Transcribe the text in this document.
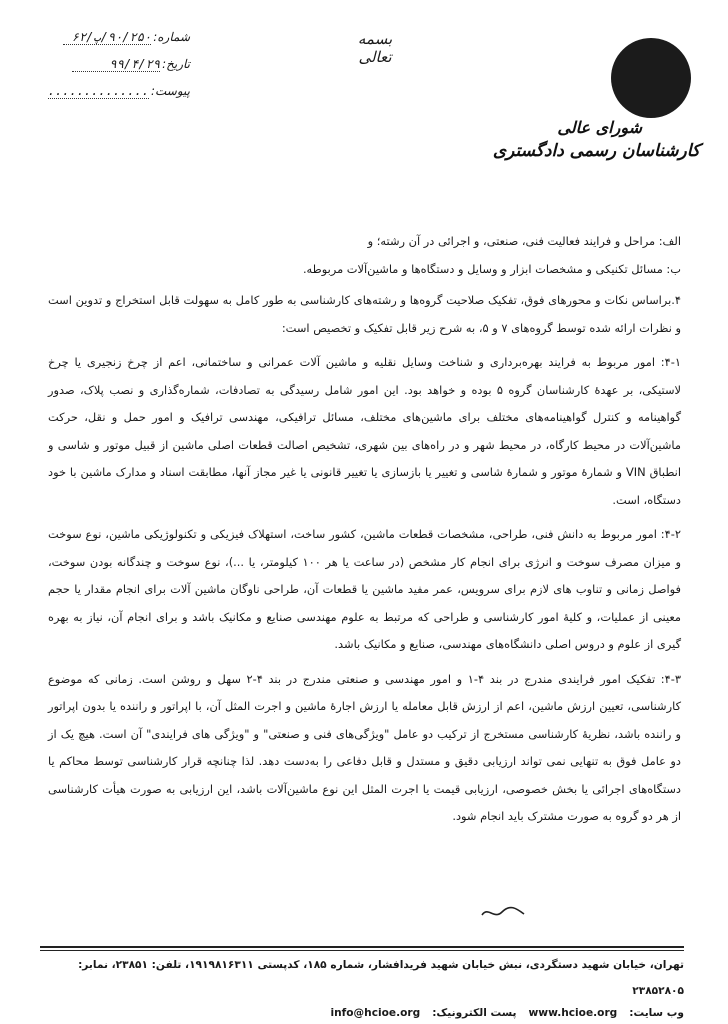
شماره:
۹۰/۲۵۰/پ/۶۲
تاریخ:
۹۹/۴/۲۹
پیوست:
..............
بسمه تعالی
شورای عالی
کارشناسان رسمی دادگستری

الف: مراحل و فرایند فعالیت فنی، صنعتی، و اجرائی در آن رشته؛ و

ب: مسائل تکنیکی و مشخصات ابزار و وسایل و دستگاه‌ها و ماشین‌آلات مربوطه.

۴.براساس نکات و محورهای فوق، تفکیک صلاحیت گروه‌ها و رشته‌های کارشناسی به طور کامل به سهولت قابل استخراج و تدوین است و نظرات ارائه شده توسط گروه‌های ۷ و ۵، به شرح زیر قابل تفکیک و تخصیص است:

۴-۱: امور مربوط به فرایند بهره‌برداری و شناخت وسایل نقلیه و ماشین آلات عمرانی و ساختمانی، اعم از چرخ زنجیری یا چرخ لاستیکی، بر عهدهٔ کارشناسان گروه ۵ بوده و خواهد بود. این امور شامل رسیدگی به تصادفات، شماره‌گذاری و نصب پلاک، صدور گواهینامه و کنترل گواهینامه‌های مختلف برای ماشین‌های مختلف، مسائل ترافیکی، مهندسی ترافیک و امور حمل و نقل، حرکت ماشین‌آلات در محیط کارگاه، در محیط شهر و در راه‌های بین شهری، تشخیص اصالت قطعات اصلی ماشین از قبیل موتور و شاسی و انطباق VIN و شمارهٔ موتور و شمارهٔ شاسی و تغییر یا بازسازی یا تغییر قانونی یا غیر مجاز آنها، مطابقت اسناد و مدارک ماشین با خود دستگاه، است.

۴-۲: امور مربوط به دانش فنی، طراحی، مشخصات قطعات ماشین، کشور ساخت، استهلاک فیزیکی و تکنولوژیکی ماشین، نوع سوخت و میزان مصرف سوخت و انرژی برای انجام کار مشخص (در ساعت یا هر ۱۰۰ کیلومتر، یا ...)، نوع سوخت و چندگانه بودن سوخت، فواصل زمانی و تناوب های لازم برای سرویس، عمر مفید ماشین یا قطعات آن، طراحی ناوگان ماشین آلات برای انجام مقدار یا حجم معینی از عملیات، و کلیهٔ امور کارشناسی و طراحی که مرتبط به علوم مهندسی صنایع و مکانیک باشد و برای انجام آن، نیاز به بهره گیری از علوم و دروس اصلی دانشگاه‌های مهندسی، صنایع و مکانیک باشد.

۴-۳: تفکیک امور فرایندی مندرج در بند ۴-۱ و امور مهندسی و صنعتی مندرج در بند ۴-۲ سهل و روشن است. زمانی که موضوع کارشناسی، تعیین ارزش ماشین، اعم از ارزش قابل معامله یا ارزش اجارهٔ ماشین و اجرت المثل آن، با اپراتور و راننده یا بدون اپراتور و راننده باشد، نظریهٔ کارشناسی مستخرج از ترکیب دو عامل "ویژگی‌های فنی و صنعتی" و "ویژگی های فرایندی" آن است. هیچ یک از دو عامل فوق به تنهایی نمی تواند ارزیابی دقیق و مستدل و قابل دفاعی را به‌دست دهد. لذا چنانچه قرار کارشناسی توسط محاکم یا دستگاه‌های اجرائی یا بخش خصوصی، ارزیابی قیمت یا اجرت المثل این نوع ماشین‌آلات باشد، این ارزیابی به صورت هیأت کارشناسی از هر دو گروه به صورت مشترک باید انجام شود.

تهران، خیابان شهید دستگردی، نبش خیابان شهید فریدافشار، شماره ۱۸۵، کدپستی ۱۹۱۹۸۱۶۳۱۱، تلفن: ۲۳۸۵۱، نمابر: ۲۳۸۵۲۸۰۵
وب سایت:
www.hcioe.org
پست الکترونیک:
info@hcioe.org
